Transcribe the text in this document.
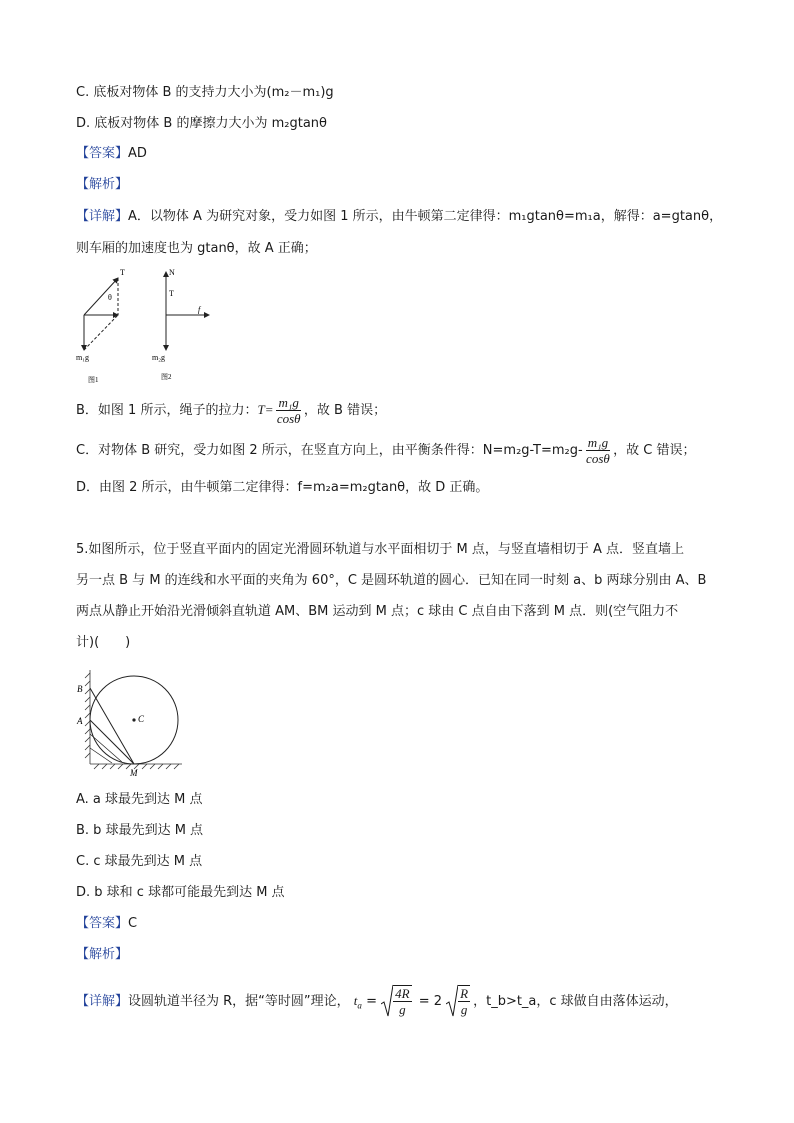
C. 底板对物体 B 的支持力大小为(m₂－m₁)g
D. 底板对物体 B 的摩擦力大小为 m₂gtanθ
【答案】AD
【解析】
【详解】A．以物体 A 为研究对象，受力如图 1 所示，由牛顿第二定律得：m₁gtanθ=m₁a，解得：a=gtanθ，
则车厢的加速度也为 gtanθ，故 A 正确；
T
θ
m₁g
图1
N
T
f
m₂g
图2
B．如图 1 所示，绳子的拉力：$T= \frac{\text{m₁g}}{\cos\theta}$ ，故 B 错误；
C．对物体 B 研究，受力如图 2 所示，在竖直方向上，由平衡条件得：$N=m_2g-T=m_2g- \frac{\text{m₁g}}{\cos\theta}$ ，故 C 错误；
D．由图 2 所示，由牛顿第二定律得：f=m₂a=m₂gtanθ，故 D 正确。
5.如图所示，位于竖直平面内的固定光滑圆环轨道与水平面相切于 M 点，与竖直墙相切于 A 点．竖直墙上
另一点 B 与 M 的连线和水平面的夹角为 60°，C 是圆环轨道的圆心．已知在同一时刻 a、b 两球分别由 A、B
两点从静止开始沿光滑倾斜直轨道 AM、BM 运动到 M 点；c 球由 C 点自由下落到 M 点．则(空气阻力不
计)(　　)
B
A	C
M
A. a 球最先到达 M 点
B. b 球最先到达 M 点
C. c 球最先到达 M 点
D. b 球和 c 球都可能最先到达 M 点
【答案】C
【解析】
【详解】设圆轨道半径为 R，据“等时圆”理论， $t_a = \frac{4R}{g} = 2 \frac{R}{g}$ ，t_b>t_a，c 球做自由落体运动，
